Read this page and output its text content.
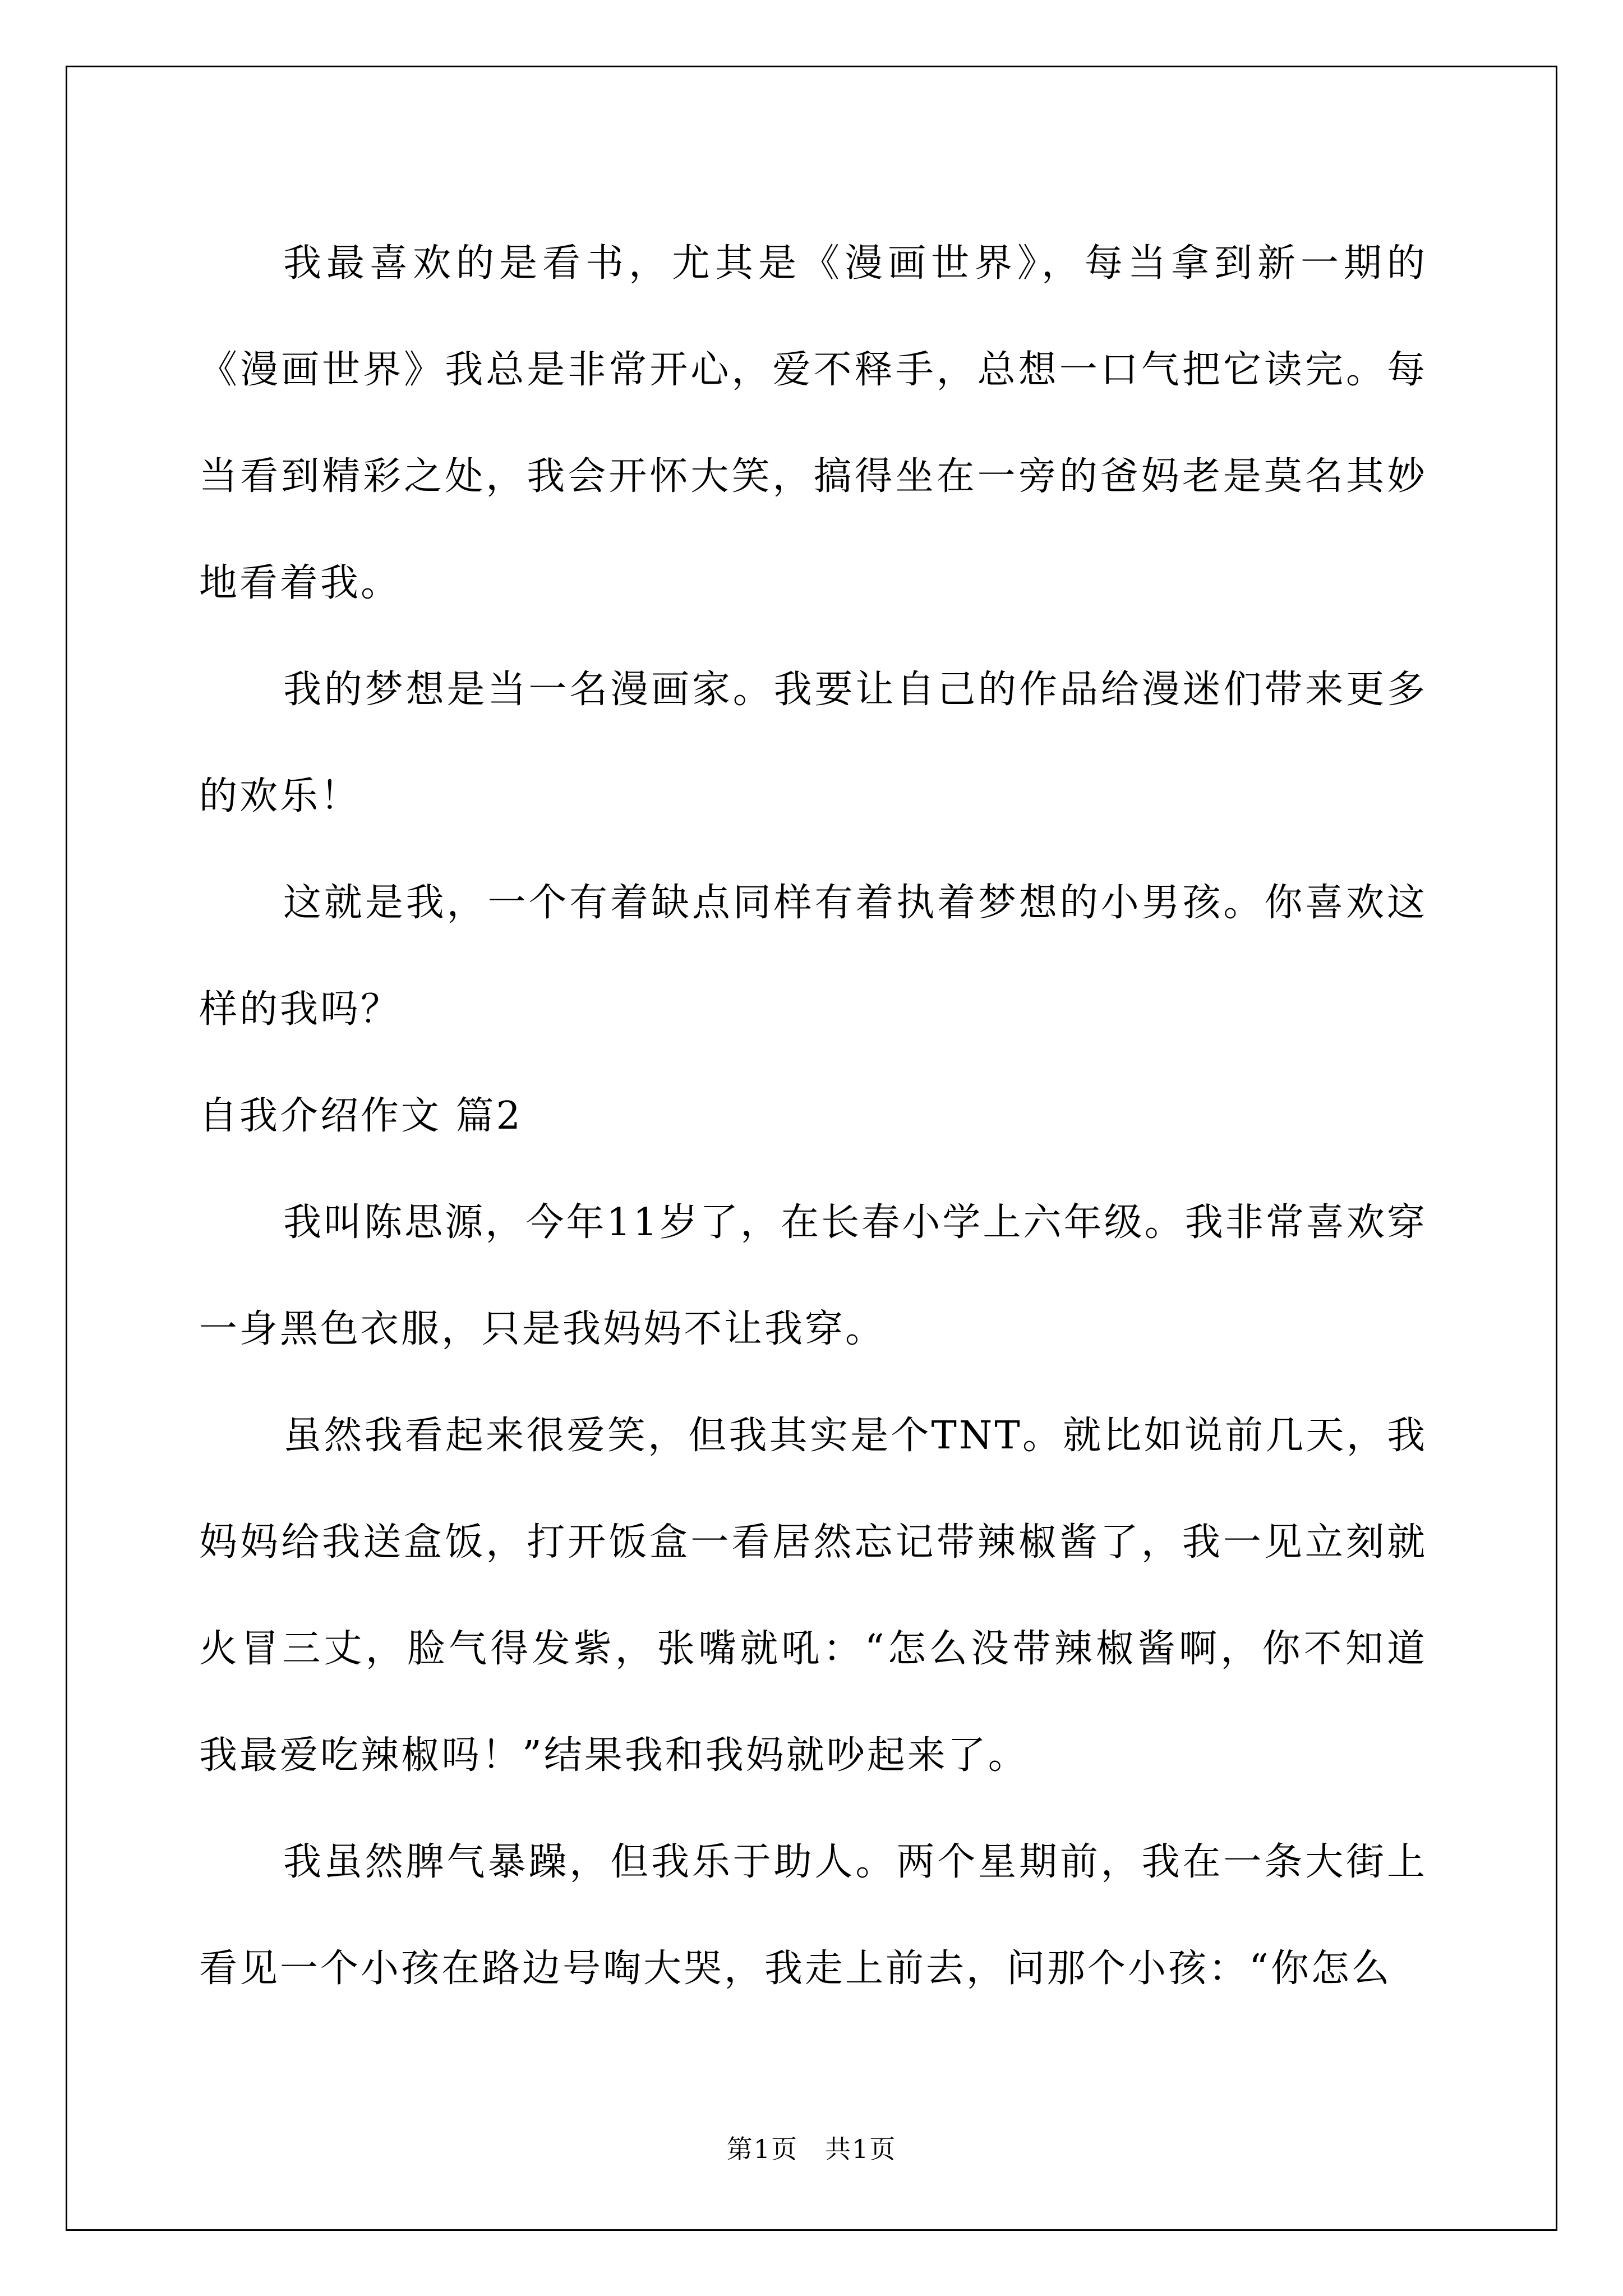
我最喜欢的是看书，尤其是《漫画世界》，每当拿到新一期的《漫画世界》我总是非常开心，爱不释手，总想一口气把它读完。每当看到精彩之处，我会开怀大笑，搞得坐在一旁的爸妈老是莫名其妙地看着我。

我的梦想是当一名漫画家。我要让自己的作品给漫迷们带来更多的欢乐！

这就是我，一个有着缺点同样有着执着梦想的小男孩。你喜欢这样的我吗？

自我介绍作文 篇2

我叫陈思源，今年11岁了，在长春小学上六年级。我非常喜欢穿一身黑色衣服，只是我妈妈不让我穿。

虽然我看起来很爱笑，但我其实是个TNT。就比如说前几天，我妈妈给我送盒饭，打开饭盒一看居然忘记带辣椒酱了，我一见立刻就火冒三丈，脸气得发紫，张嘴就吼：“怎么没带辣椒酱啊，你不知道我最爱吃辣椒吗！”结果我和我妈就吵起来了。

我虽然脾气暴躁，但我乐于助人。两个星期前，我在一条大街上看见一个小孩在路边号啕大哭，我走上前去，问那个小孩：“你怎么

第1页　共1页
